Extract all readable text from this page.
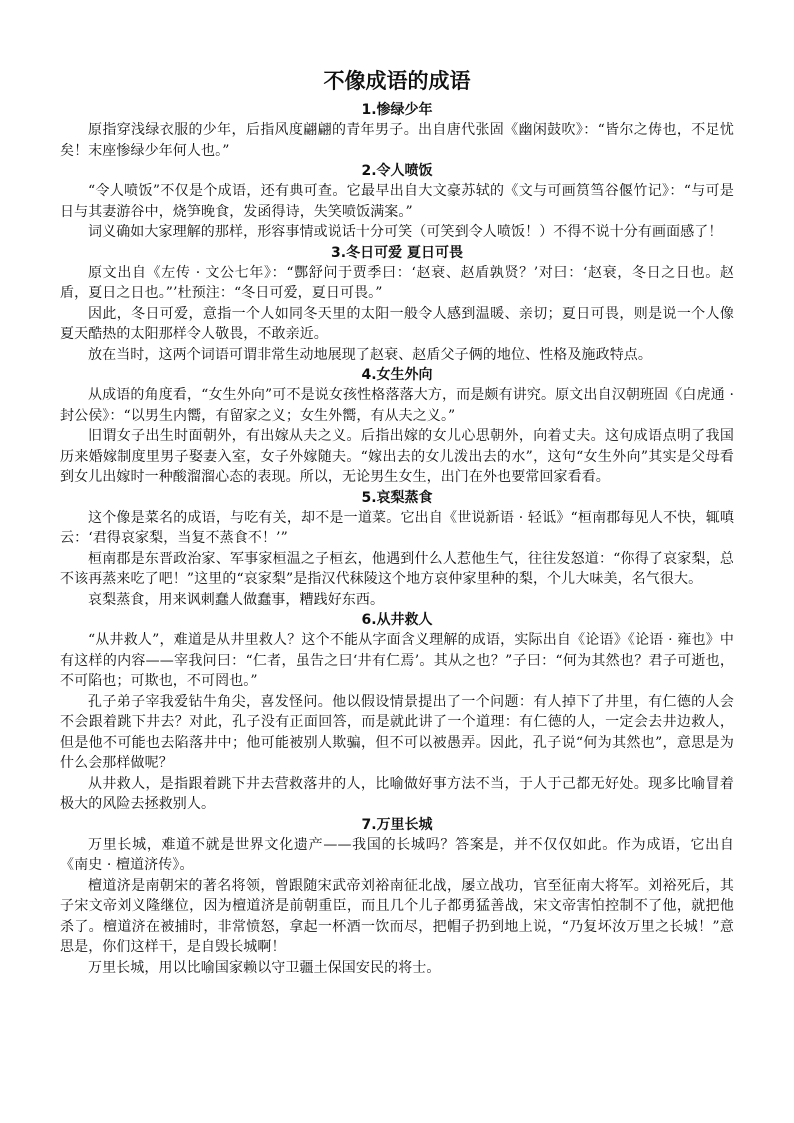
不像成语的成语
1.惨绿少年

原指穿浅绿衣服的少年，后指风度翩翩的青年男子。出自唐代张固《幽闲鼓吹》：“皆尔之俦也，不足忧矣！末座惨绿少年何人也。”

2.令人喷饭

“令人喷饭”不仅是个成语，还有典可查。它最早出自大文豪苏轼的《文与可画筼筜谷偃竹记》：“与可是日与其妻游谷中，烧笋晚食，发函得诗，失笑喷饭满案。”

词义确如大家理解的那样，形容事情或说话十分可笑（可笑到令人喷饭！）不得不说十分有画面感了！

3.冬日可爱 夏日可畏

原文出自《左传 · 文公七年》：“酆舒问于贾季曰：‘赵衰、赵盾孰贤？’对曰：‘赵衰，冬日之日也。赵盾，夏日之日也。”’杜预注：“冬日可爱，夏日可畏。”

因此，冬日可爱，意指一个人如同冬天里的太阳一般令人感到温暖、亲切；夏日可畏，则是说一个人像夏天酷热的太阳那样令人敬畏，不敢亲近。

放在当时，这两个词语可谓非常生动地展现了赵衰、赵盾父子俩的地位、性格及施政特点。

4.女生外向

从成语的角度看，“女生外向”可不是说女孩性格落落大方，而是颇有讲究。原文出自汉朝班固《白虎通 · 封公侯》：“以男生内嚮，有留家之义；女生外嚮，有从夫之义。”

旧谓女子出生时面朝外，有出嫁从夫之义。后指出嫁的女儿心思朝外，向着丈夫。这句成语点明了我国历来婚嫁制度里男子娶妻入室，女子外嫁随夫。“嫁出去的女儿泼出去的水”，这句“女生外向”其实是父母看到女儿出嫁时一种酸溜溜心态的表现。所以，无论男生女生，出门在外也要常回家看看。

5.哀梨蒸食

这个像是菜名的成语，与吃有关，却不是一道菜。它出自《世说新语 · 轻诋》“桓南郡每见人不快，辄嗔云：‘君得哀家梨，当复不蒸食不！’”

桓南郡是东晋政治家、军事家桓温之子桓玄，他遇到什么人惹他生气，往往发怒道：“你得了哀家梨，总不该再蒸来吃了吧！”这里的“哀家梨”是指汉代秣陵这个地方哀仲家里种的梨，个儿大味美，名气很大。

哀梨蒸食，用来讽刺蠢人做蠢事，糟践好东西。

6.从井救人

“从井救人”，难道是从井里救人？这个不能从字面含义理解的成语，实际出自《论语》《论语 · 雍也》中有这样的内容——宰我问曰：“仁者，虽告之曰‘井有仁焉’。其从之也？”子曰：“何为其然也？君子可逝也，不可陷也；可欺也，不可罔也。”

孔子弟子宰我爱钻牛角尖，喜发怪问。他以假设情景提出了一个问题：有人掉下了井里，有仁德的人会不会跟着跳下井去？对此，孔子没有正面回答，而是就此讲了一个道理：有仁德的人，一定会去井边救人，但是他不可能也去陷落井中；他可能被别人欺骗，但不可以被愚弄。因此，孔子说“何为其然也”，意思是为什么会那样做呢？

从井救人，是指跟着跳下井去营救落井的人，比喻做好事方法不当，于人于己都无好处。现多比喻冒着极大的风险去拯救别人。

7.万里长城

万里长城，难道不就是世界文化遗产——我国的长城吗？答案是，并不仅仅如此。作为成语，它出自《南史 · 檀道济传》。

檀道济是南朝宋的著名将领，曾跟随宋武帝刘裕南征北战，屡立战功，官至征南大将军。刘裕死后，其子宋文帝刘义隆继位，因为檀道济是前朝重臣，而且几个儿子都勇猛善战，宋文帝害怕控制不了他，就把他杀了。檀道济在被捕时，非常愤怒，拿起一杯酒一饮而尽，把帽子扔到地上说，“乃复坏汝万里之长城！”意思是，你们这样干，是自毁长城啊！

万里长城，用以比喻国家赖以守卫疆土保国安民的将士。
